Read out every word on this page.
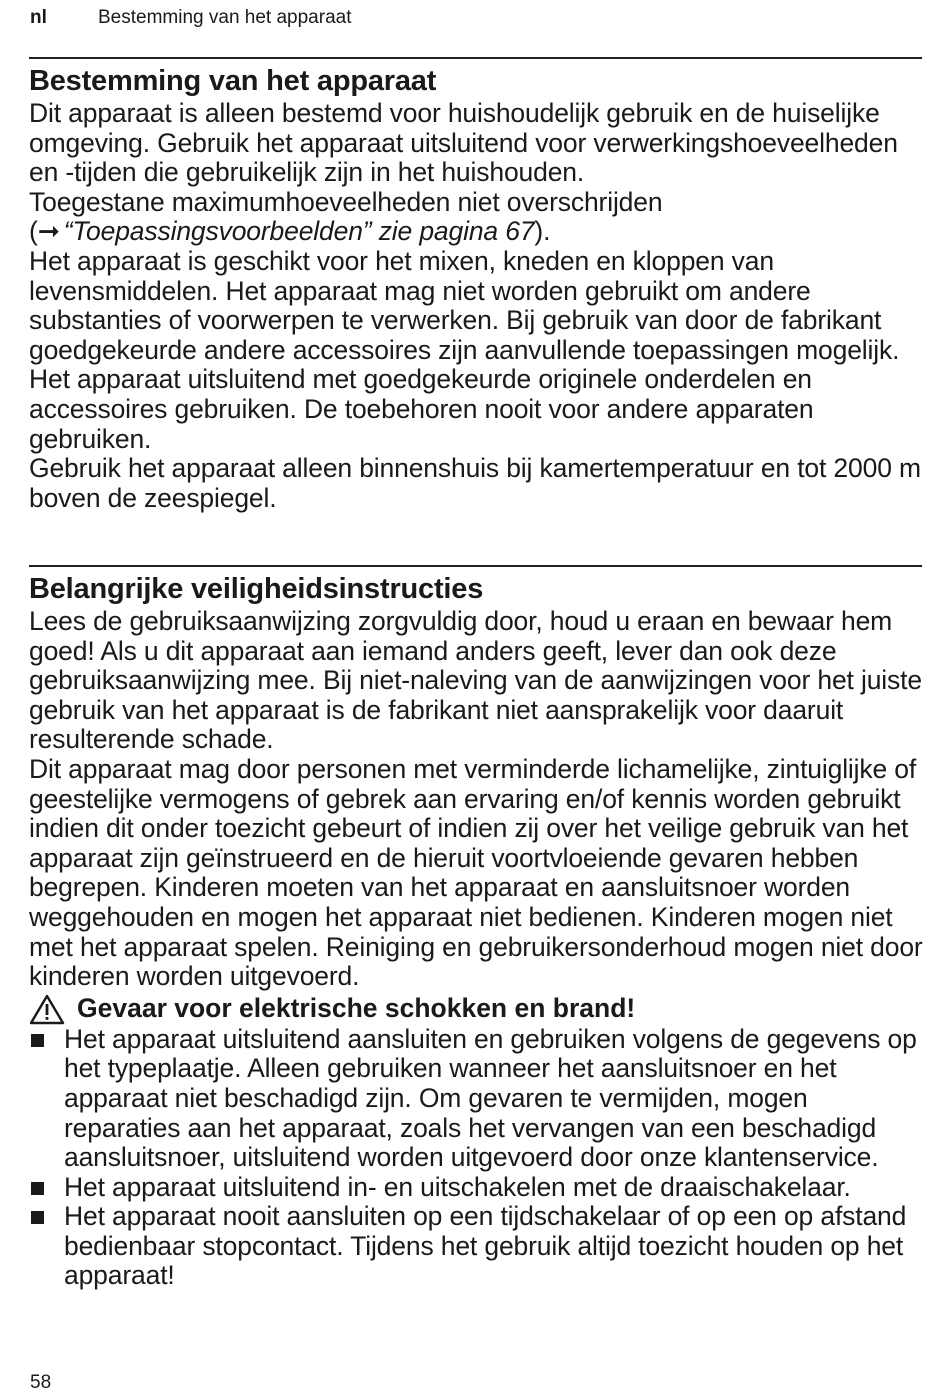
nl	Bestemming van het apparaat
Bestemming van het apparaat

Dit apparaat is alleen bestemd voor huishoudelijk gebruik en de huiselijke omgeving. Gebruik het apparaat uitsluitend voor verwerkingshoeveelheden en -tijden die gebruikelijk zijn in het huishouden.

Toegestane maximumhoeveelheden niet overschrijden
(➞ “Toepassingsvoorbeelden” zie pagina 67).

Het apparaat is geschikt voor het mixen, kneden en kloppen van levensmiddelen. Het apparaat mag niet worden gebruikt om andere substanties of voorwerpen te verwerken. Bij gebruik van door de fabrikant goedgekeurde andere accessoires zijn aanvullende toepassingen mogelijk. Het apparaat uitsluitend met goedgekeurde originele onderdelen en accessoires gebruiken. De toebehoren nooit voor andere apparaten gebruiken.

Gebruik het apparaat alleen binnenshuis bij kamertemperatuur en tot 2000 m boven de zeespiegel.

Belangrijke veiligheidsinstructies

Lees de gebruiksaanwijzing zorgvuldig door, houd u eraan en bewaar hem goed! Als u dit apparaat aan iemand anders geeft, lever dan ook deze gebruiksaanwijzing mee. Bij niet-naleving van de aanwijzingen voor het juiste gebruik van het apparaat is de fabrikant niet aansprakelijk voor daaruit resulterende schade.

Dit apparaat mag door personen met verminderde lichamelijke, zintuiglijke of geestelijke vermogens of gebrek aan ervaring en/of kennis worden gebruikt indien dit onder toezicht gebeurt of indien zij over het veilige gebruik van het apparaat zijn geïnstrueerd en de hieruit voortvloeiende gevaren hebben begrepen. Kinderen moeten van het apparaat en aansluitsnoer worden weggehouden en mogen het apparaat niet bedienen. Kinderen mogen niet met het apparaat spelen. Reiniging en gebruikersonderhoud mogen niet door kinderen worden uitgevoerd.

Gevaar voor elektrische schokken en brand!
Het apparaat uitsluitend aansluiten en gebruiken volgens de gegevens op het typeplaatje. Alleen gebruiken wanneer het aansluitsnoer en het apparaat niet beschadigd zijn. Om gevaren te vermijden, mogen reparaties aan het apparaat, zoals het vervangen van een beschadigd aansluitsnoer, uitsluitend worden uitgevoerd door onze klantenservice.
Het apparaat uitsluitend in- en uitschakelen met de draaischakelaar.
Het apparaat nooit aansluiten op een tijdschakelaar of op een op afstand bedienbaar stopcontact. Tijdens het gebruik altijd toezicht houden op het apparaat!
58
